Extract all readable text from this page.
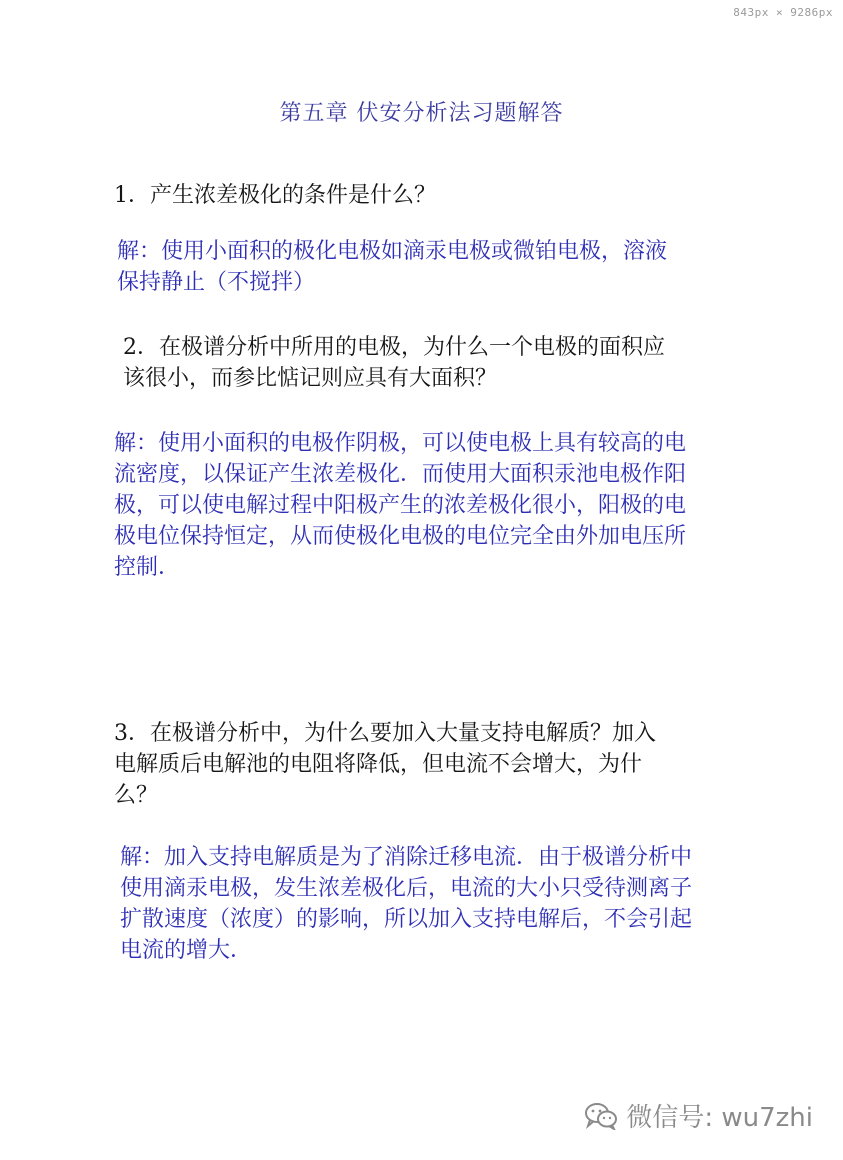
843px × 9286px
第五章 伏安分析法习题解答
1．产生浓差极化的条件是什么？
解：使用小面积的极化电极如滴汞电极或微铂电极，溶液
保持静止（不搅拌）
2．在极谱分析中所用的电极，为什么一个电极的面积应
该很小，而参比惦记则应具有大面积？
解：使用小面积的电极作阴极，可以使电极上具有较高的电
流密度，以保证产生浓差极化．而使用大面积汞池电极作阳
极，可以使电解过程中阳极产生的浓差极化很小，阳极的电
极电位保持恒定，从而使极化电极的电位完全由外加电压所
控制．
3．在极谱分析中，为什么要加入大量支持电解质？加入
电解质后电解池的电阻将降低，但电流不会增大，为什
么？
解：加入支持电解质是为了消除迁移电流．由于极谱分析中
使用滴汞电极，发生浓差极化后，电流的大小只受待测离子
扩散速度（浓度）的影响，所以加入支持电解后，不会引起
电流的增大．
微信号: wu7zhi
